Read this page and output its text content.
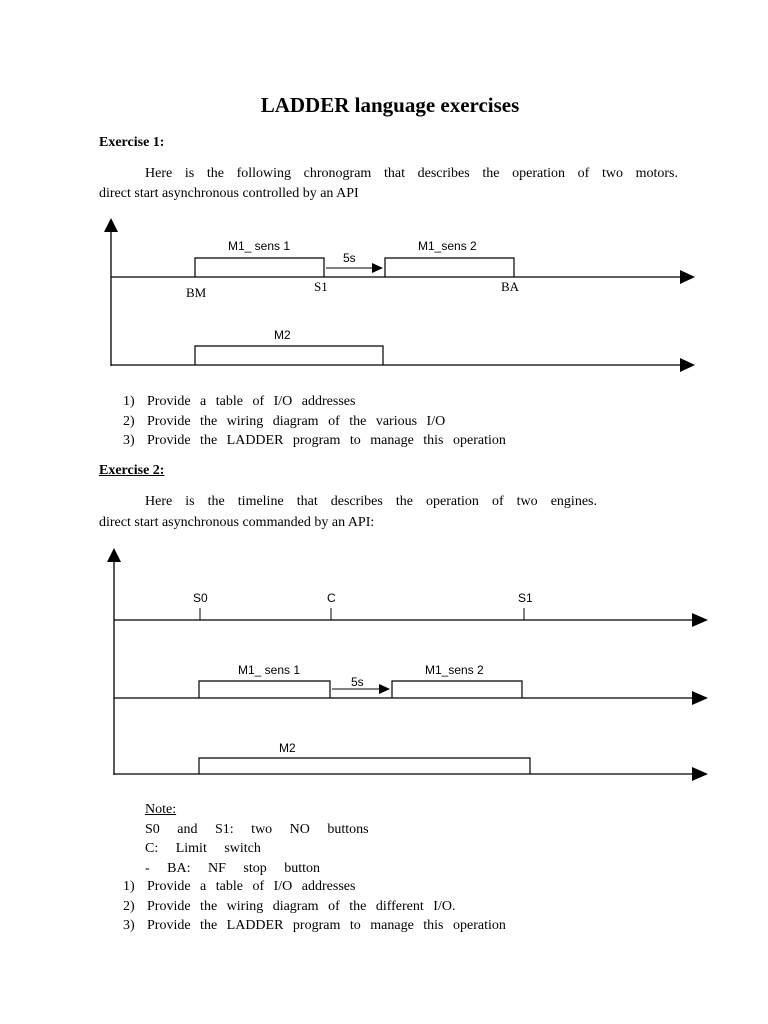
LADDER language exercises
Exercise 1:
Here is the following chronogram that describes the operation of two motors.
direct start asynchronous controlled by an API
M1_ sens 1	M1_sens 2
5s
BM	S1	BA
M2
1) Provide a table of I/O addresses
2) Provide the wiring diagram of the various I/O
3) Provide the LADDER program to manage this operation
Exercise 2:
Here is the timeline that describes the operation of two engines.
direct start asynchronous commanded by an API:
S0	C	S1
M1_ sens 1	M1_sens 2
5s
M2
Note:
S0 and S1: two NO buttons
C: Limit switch
- BA: NF stop button
1) Provide a table of I/O addresses
2) Provide the wiring diagram of the different I/O.
3) Provide the LADDER program to manage this operation
